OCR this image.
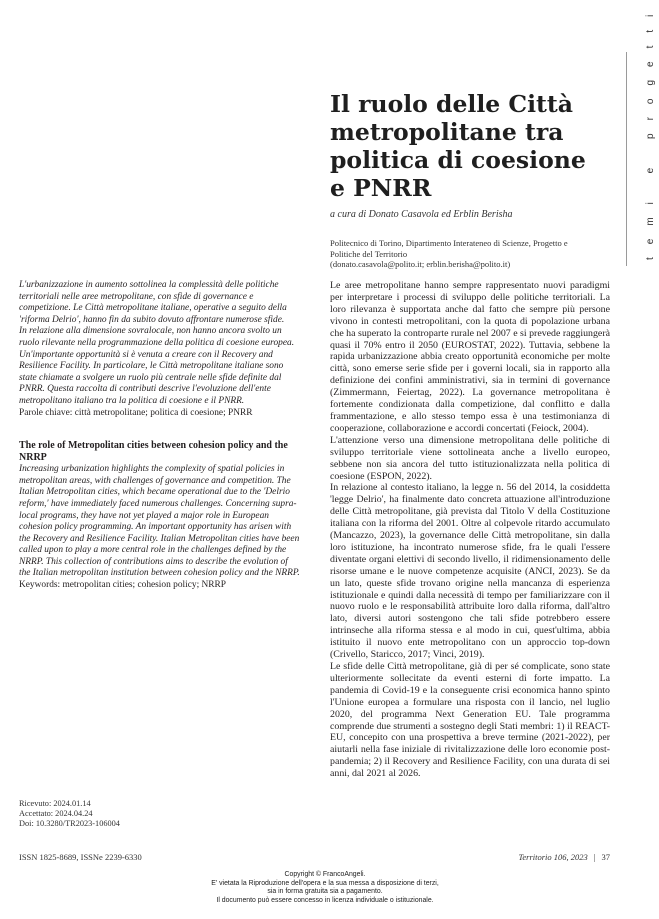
temi e progetti
Il ruolo delle Città
metropolitane tra
politica di coesione
e PNRR
a cura di Donato Casavola ed Erblin Berisha
Politecnico di Torino, Dipartimento Interateneo di Scienze, Progetto e
Politiche del Territorio
(donato.casavola@polito.it; erblin.berisha@polito.it)

L'urbanizzazione in aumento sottolinea la complessità delle politiche territoriali nelle aree metropolitane, con sfide di governance e competizione. Le Città metropolitane italiane, operative a seguito della 'riforma Delrio', hanno fin da subito dovuto affrontare numerose sfide.

In relazione alla dimensione sovralocale, non hanno ancora svolto un ruolo rilevante nella programmazione della politica di coesione europea. Un'importante opportunità si è venuta a creare con il Recovery and Resilience Facility. In particolare, le Città metropolitane italiane sono state chiamate a svolgere un ruolo più centrale nelle sfide definite dal PNRR. Questa raccolta di contributi descrive l'evoluzione dell'ente metropolitano italiano tra la politica di coesione e il PNRR.

Parole chiave: città metropolitane; politica di coesione; PNRR

The role of Metropolitan cities between cohesion policy and the NRRP

Increasing urbanization highlights the complexity of spatial policies in metropolitan areas, with challenges of governance and competition. The Italian Metropolitan cities, which became operational due to the 'Delrio reform,' have immediately faced numerous challenges. Concerning supra-local programs, they have not yet played a major role in European cohesion policy programming. An important opportunity has arisen with the Recovery and Resilience Facility. Italian Metropolitan cities have been called upon to play a more central role in the challenges defined by the NRRP. This collection of contributions aims to describe the evolution of the Italian metropolitan institution between cohesion policy and the NRRP.

Keywords: metropolitan cities; cohesion policy; NRRP

Ricevuto: 2024.01.14
Accettato: 2024.04.24
Doi: 10.3280/TR2023-106004

Le aree metropolitane hanno sempre rappresentato nuovi paradigmi per interpretare i processi di sviluppo delle politiche territoriali. La loro rilevanza è supportata anche dal fatto che sempre più persone vivono in contesti metropolitani, con la quota di popolazione urbana che ha superato la controparte rurale nel 2007 e si prevede raggiungerà quasi il 70% entro il 2050 (EUROSTAT, 2022). Tuttavia, sebbene la rapida urbanizzazione abbia creato opportunità economiche per molte città, sono emerse serie sfide per i governi locali, sia in rapporto alla definizione dei confini amministrativi, sia in termini di governance (Zimmermann, Feiertag, 2022). La governance metropolitana è fortemente condizionata dalla competizione, dal conflitto e dalla frammentazione, e allo stesso tempo essa è una testimonianza di cooperazione, collaborazione e accordi concertati (Feiock, 2004).

L'attenzione verso una dimensione metropolitana delle politiche di sviluppo territoriale viene sottolineata anche a livello europeo, sebbene non sia ancora del tutto istituzionalizzata nella politica di coesione (ESPON, 2022).

In relazione al contesto italiano, la legge n. 56 del 2014, la cosiddetta 'legge Delrio', ha finalmente dato concreta attuazione all'introduzione delle Città metropolitane, già prevista dal Titolo V della Costituzione italiana con la riforma del 2001. Oltre al colpevole ritardo accumulato (Mancazzo, 2023), la governance delle Città metropolitane, sin dalla loro istituzione, ha incontrato numerose sfide, fra le quali l'essere diventate organi elettivi di secondo livello, il ridimensionamento delle risorse umane e le nuove competenze acquisite (ANCI, 2023). Se da un lato, queste sfide trovano origine nella mancanza di esperienza istituzionale e quindi dalla necessità di tempo per familiarizzare con il nuovo ruolo e le responsabilità attribuite loro dalla riforma, dall'altro lato, diversi autori sostengono che tali sfide potrebbero essere intrinseche alla riforma stessa e al modo in cui, quest'ultima, abbia istituito il nuovo ente metropolitano con un approccio top-down (Crivello, Staricco, 2017; Vinci, 2019).

Le sfide delle Città metropolitane, già di per sé complicate, sono state ulteriormente sollecitate da eventi esterni di forte impatto. La pandemia di Covid-19 e la conseguente crisi economica hanno spinto l'Unione europea a formulare una risposta con il lancio, nel luglio 2020, del programma Next Generation EU. Tale programma comprende due strumenti a sostegno degli Stati membri: 1) il REACT-EU, concepito con una prospettiva a breve termine (2021-2022), per aiutarli nella fase iniziale di rivitalizzazione delle loro economie post-pandemia; 2) il Recovery and Resilience Facility, con una durata di sei anni, dal 2021 al 2026.

ISSN 1825-8689, ISSNe 2239-6330	Territorio 106, 2023 | 37
Copyright © FrancoAngeli.
E' vietata la Riproduzione dell'opera e la sua messa a disposizione di terzi,
sia in forma gratuita sia a pagamento.
Il documento può essere concesso in licenza individuale o istituzionale.
